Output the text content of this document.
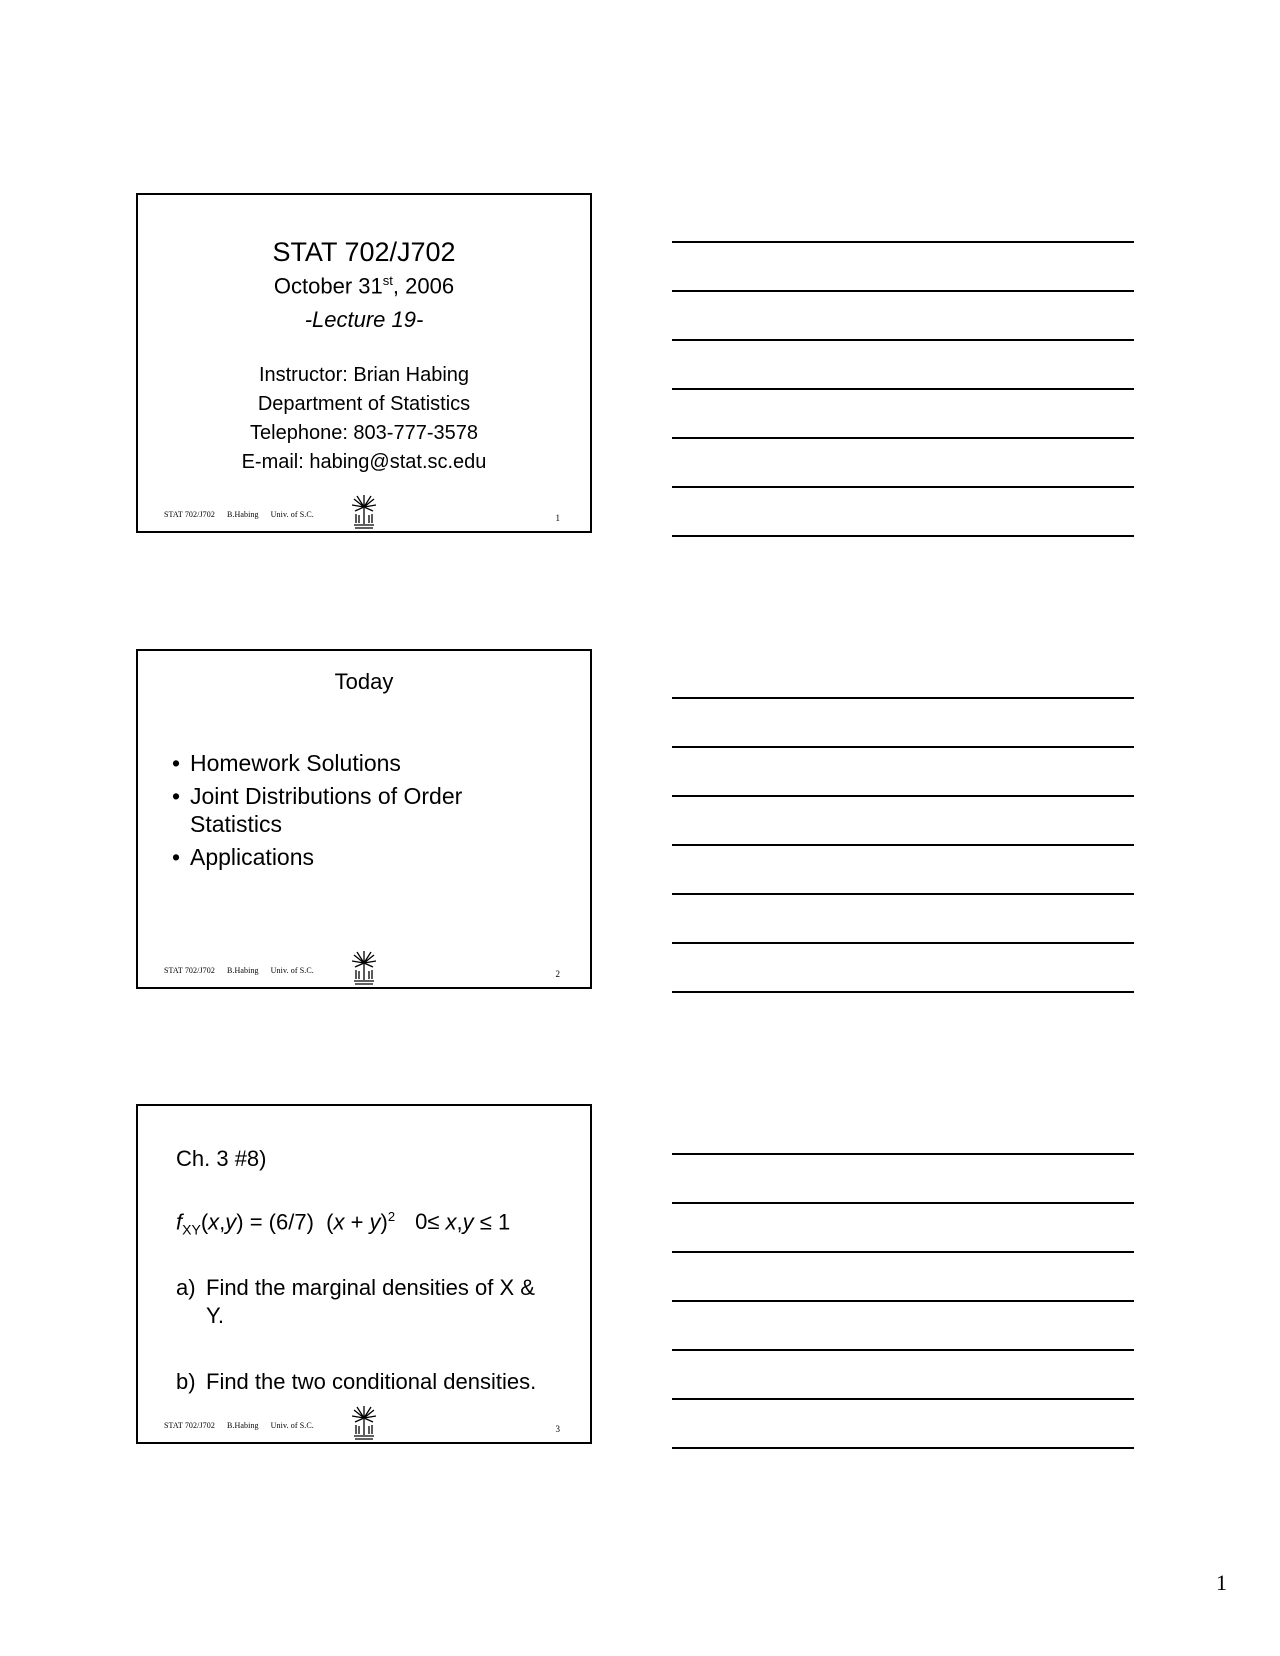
STAT 702/J702
October 31st, 2006
-Lecture 19-
Instructor: Brian Habing
Department of Statistics
Telephone: 803-777-3578
E-mail: habing@stat.sc.edu
STAT 702/J702 B.Habing Univ. of S.C.	1
Today
• Homework Solutions
• Joint Distributions of Order Statistics
• Applications
STAT 702/J702 B.Habing Univ. of S.C.	2
Ch. 3 #8)
$f_{XY}(x,y) = (6/7) (x + y)^2$ 0≤ x,y ≤ 1
a) Find the marginal densities of X & Y.
b) Find the two conditional densities.
STAT 702/J702 B.Habing Univ. of S.C.	3
1
